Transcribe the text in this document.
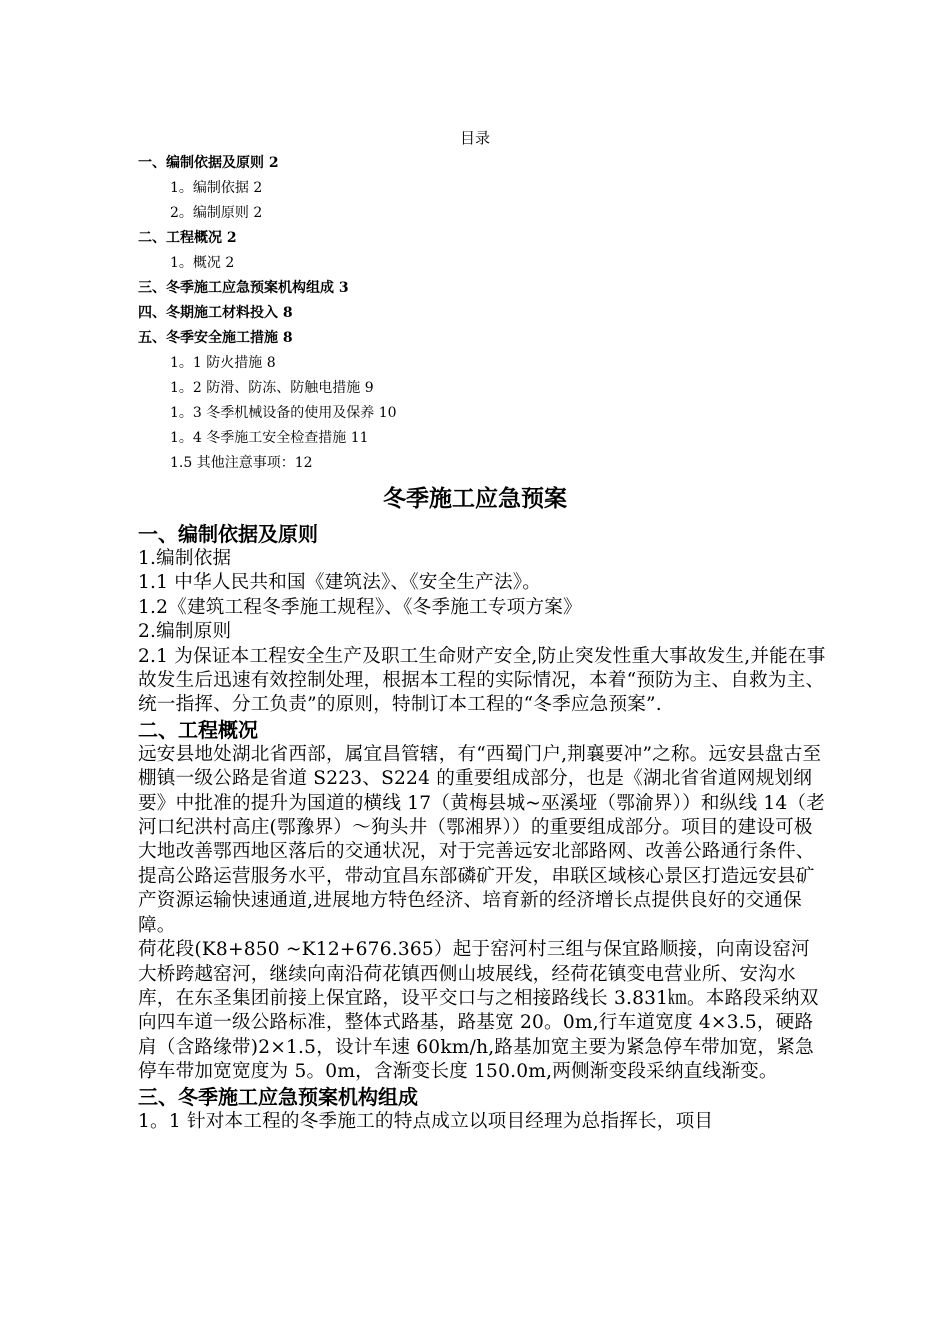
目录
一、编制依据及原则 2
1。编制依据 2
2。编制原则 2
二、工程概况 2
1。概况 2
三、冬季施工应急预案机构组成 3
四、冬期施工材料投入 8
五、冬季安全施工措施 8
1。1 防火措施 8
1。2 防滑、防冻、防触电措施 9
1。3 冬季机械设备的使用及保养 10
1。4 冬季施工安全检查措施 11
1.5 其他注意事项：12
冬季施工应急预案
一、编制依据及原则
1.编制依据
1.1 中华人民共和国《建筑法》、《安全生产法》。
1.2《建筑工程冬季施工规程》、《冬季施工专项方案》
2.编制原则
2.1 为保证本工程安全生产及职工生命财产安全,防止突发性重大事故发生,并能在事故发生后迅速有效控制处理，根据本工程的实际情况，本着“预防为主、自救为主、统一指挥、分工负责”的原则，特制订本工程的“冬季应急预案”.
二、工程概况
远安县地处湖北省西部，属宜昌管辖，有“西蜀门户,荆襄要冲”之称。远安县盘古至棚镇一级公路是省道 S223、S224 的重要组成部分，也是《湖北省省道网规划纲要》中批准的提升为国道的横线 17（黄梅县城~巫溪垭（鄂渝界））和纵线 14（老河口纪洪村高庄(鄂豫界）～狗头井（鄂湘界））的重要组成部分。项目的建设可极大地改善鄂西地区落后的交通状况，对于完善远安北部路网、改善公路通行条件、提高公路运营服务水平，带动宜昌东部磷矿开发，串联区域核心景区打造远安县矿产资源运输快速通道,进展地方特色经济、培育新的经济增长点提供良好的交通保障。
荷花段(K8+850 ~K12+676.365）起于窑河村三组与保宜路顺接，向南设窑河大桥跨越窑河，继续向南沿荷花镇西侧山坡展线，经荷花镇变电营业所、安沟水库，在东圣集团前接上保宜路，设平交口与之相接路线长 3.831㎞。本路段采纳双向四车道一级公路标准，整体式路基，路基宽 20。0m,行车道宽度 4×3.5，硬路肩（含路缘带)2×1.5，设计车速 60km/h,路基加宽主要为紧急停车带加宽，紧急停车带加宽宽度为 5。0m，含渐变长度 150.0m,两侧渐变段采纳直线渐变。
三、冬季施工应急预案机构组成
1。1 针对本工程的冬季施工的特点成立以项目经理为总指挥长，项目
